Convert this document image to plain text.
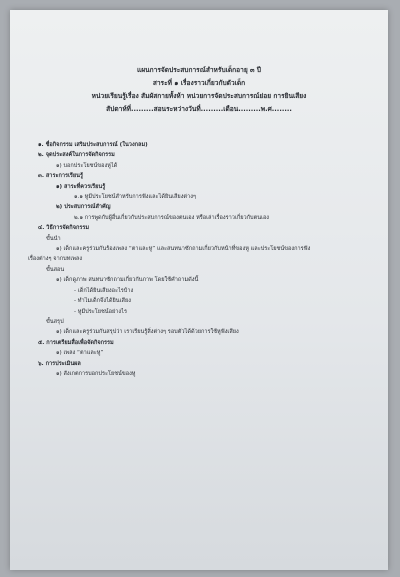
แผนการจัดประสบการณ์สำหรับเด็กอายุ ๓ ปี
สาระที่ ๑ เรื่องราวเกี่ยวกับตัวเด็ก
หน่วยเรียนรู้เรื่อง สัมผัสกายทั้งห้า หน่วยการจัดประสบการณ์ย่อย การยินเสียง
สัปดาห์ที่.........สอนระหว่างวันที่.........เดือน.........พ.ศ........
๑. ชื่อกิจกรรม เสริมประสบการณ์ (ในวงกลม)
๒. จุดประสงค์ในการจัดกิจกรรม
๑) บอกประโยชน์ของหูได้
๓. สาระการเรียนรู้
๑) สาระที่ควรเรียนรู้
๑.๑ หูมีประโยชน์สำหรับการฟังและได้ยินเสียงต่างๆ
๒) ประสบการณ์สำคัญ
๒.๑ การพูดกับผู้อื่นเกี่ยวกับประสบการณ์ของตนเอง หรือเล่าเรื่องราวเกี่ยวกับตนเอง
๔. วิธีการจัดกิจกรรม
ขั้นนำ
๑) เด็กและครูร่วมกันร้องเพลง “ตาและหู” และสนทนาซักถามเกี่ยวกับหน้าที่ของหู และประโยชน์ของการฟัง
เรื่องต่างๆ จากบทเพลง
ขั้นสอน
๑) เด็กดูภาพ สนทนาซักถามเกี่ยวกับภาพ โดยใช้คำถามดังนี้
- เด็กได้ยินเสียงอะไรบ้าง
- ทำไมเด็กจึงได้ยินเสียง
- หูมีประโยชน์อย่างไร
ขั้นสรุป
๑) เด็กและครูร่วมกันสรุปว่า เราเรียนรู้สิ่งต่างๆ รอบตัวได้ด้วยการใช้หูฟังเสียง
๕. การเตรียมสื่อเพื่อจัดกิจกรรม
๑) เพลง “ตาและหู”
๖. การประเมินผล
๑) สังเกตการบอกประโยชน์ของหู
